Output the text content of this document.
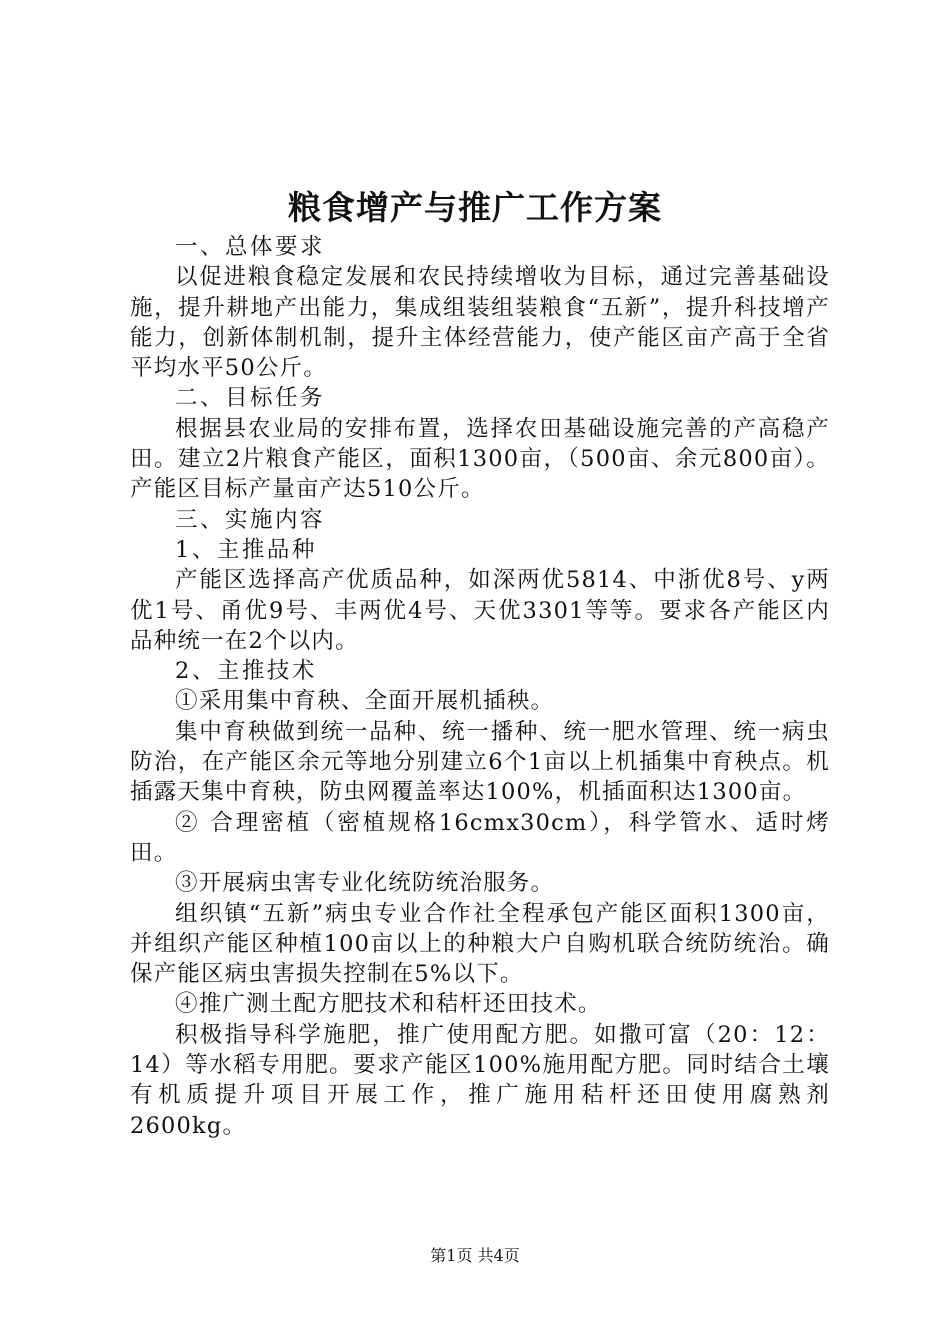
粮食增产与推广工作方案

一、总体要求

以促进粮食稳定发展和农民持续增收为目标，通过完善基础设施，提升耕地产出能力，集成组装组装粮食“五新”，提升科技增产能力，创新体制机制，提升主体经营能力，使产能区亩产高于全省平均水平50公斤。

二、目标任务

根据县农业局的安排布置，选择农田基础设施完善的产高稳产田。建立2片粮食产能区，面积1300亩，（500亩、余元800亩）。产能区目标产量亩产达510公斤。

三、实施内容

1、主推品种

产能区选择高产优质品种，如深两优5814、中浙优8号、y两优1号、甬优9号、丰两优4号、天优3301等等。要求各产能区内品种统一在2个以内。

2、主推技术

①采用集中育秧、全面开展机插秧。

集中育秧做到统一品种、统一播种、统一肥水管理、统一病虫防治，在产能区余元等地分别建立6个1亩以上机插集中育秧点。机插露天集中育秧，防虫网覆盖率达100%，机插面积达1300亩。

② 合理密植（密植规格16cmx30cm），科学管水、适时烤田。

③开展病虫害专业化统防统治服务。

组织镇“五新”病虫专业合作社全程承包产能区面积1300亩，并组织产能区种植100亩以上的种粮大户自购机联合统防统治。确保产能区病虫害损失控制在5%以下。

④推广测土配方肥技术和秸杆还田技术。

积极指导科学施肥，推广使用配方肥。如撒可富（20：12：14）等水稻专用肥。要求产能区100%施用配方肥。同时结合土壤有机质提升项目开展工作，推广施用秸杆还田使用腐熟剂2600kg。

第1页 共4页
